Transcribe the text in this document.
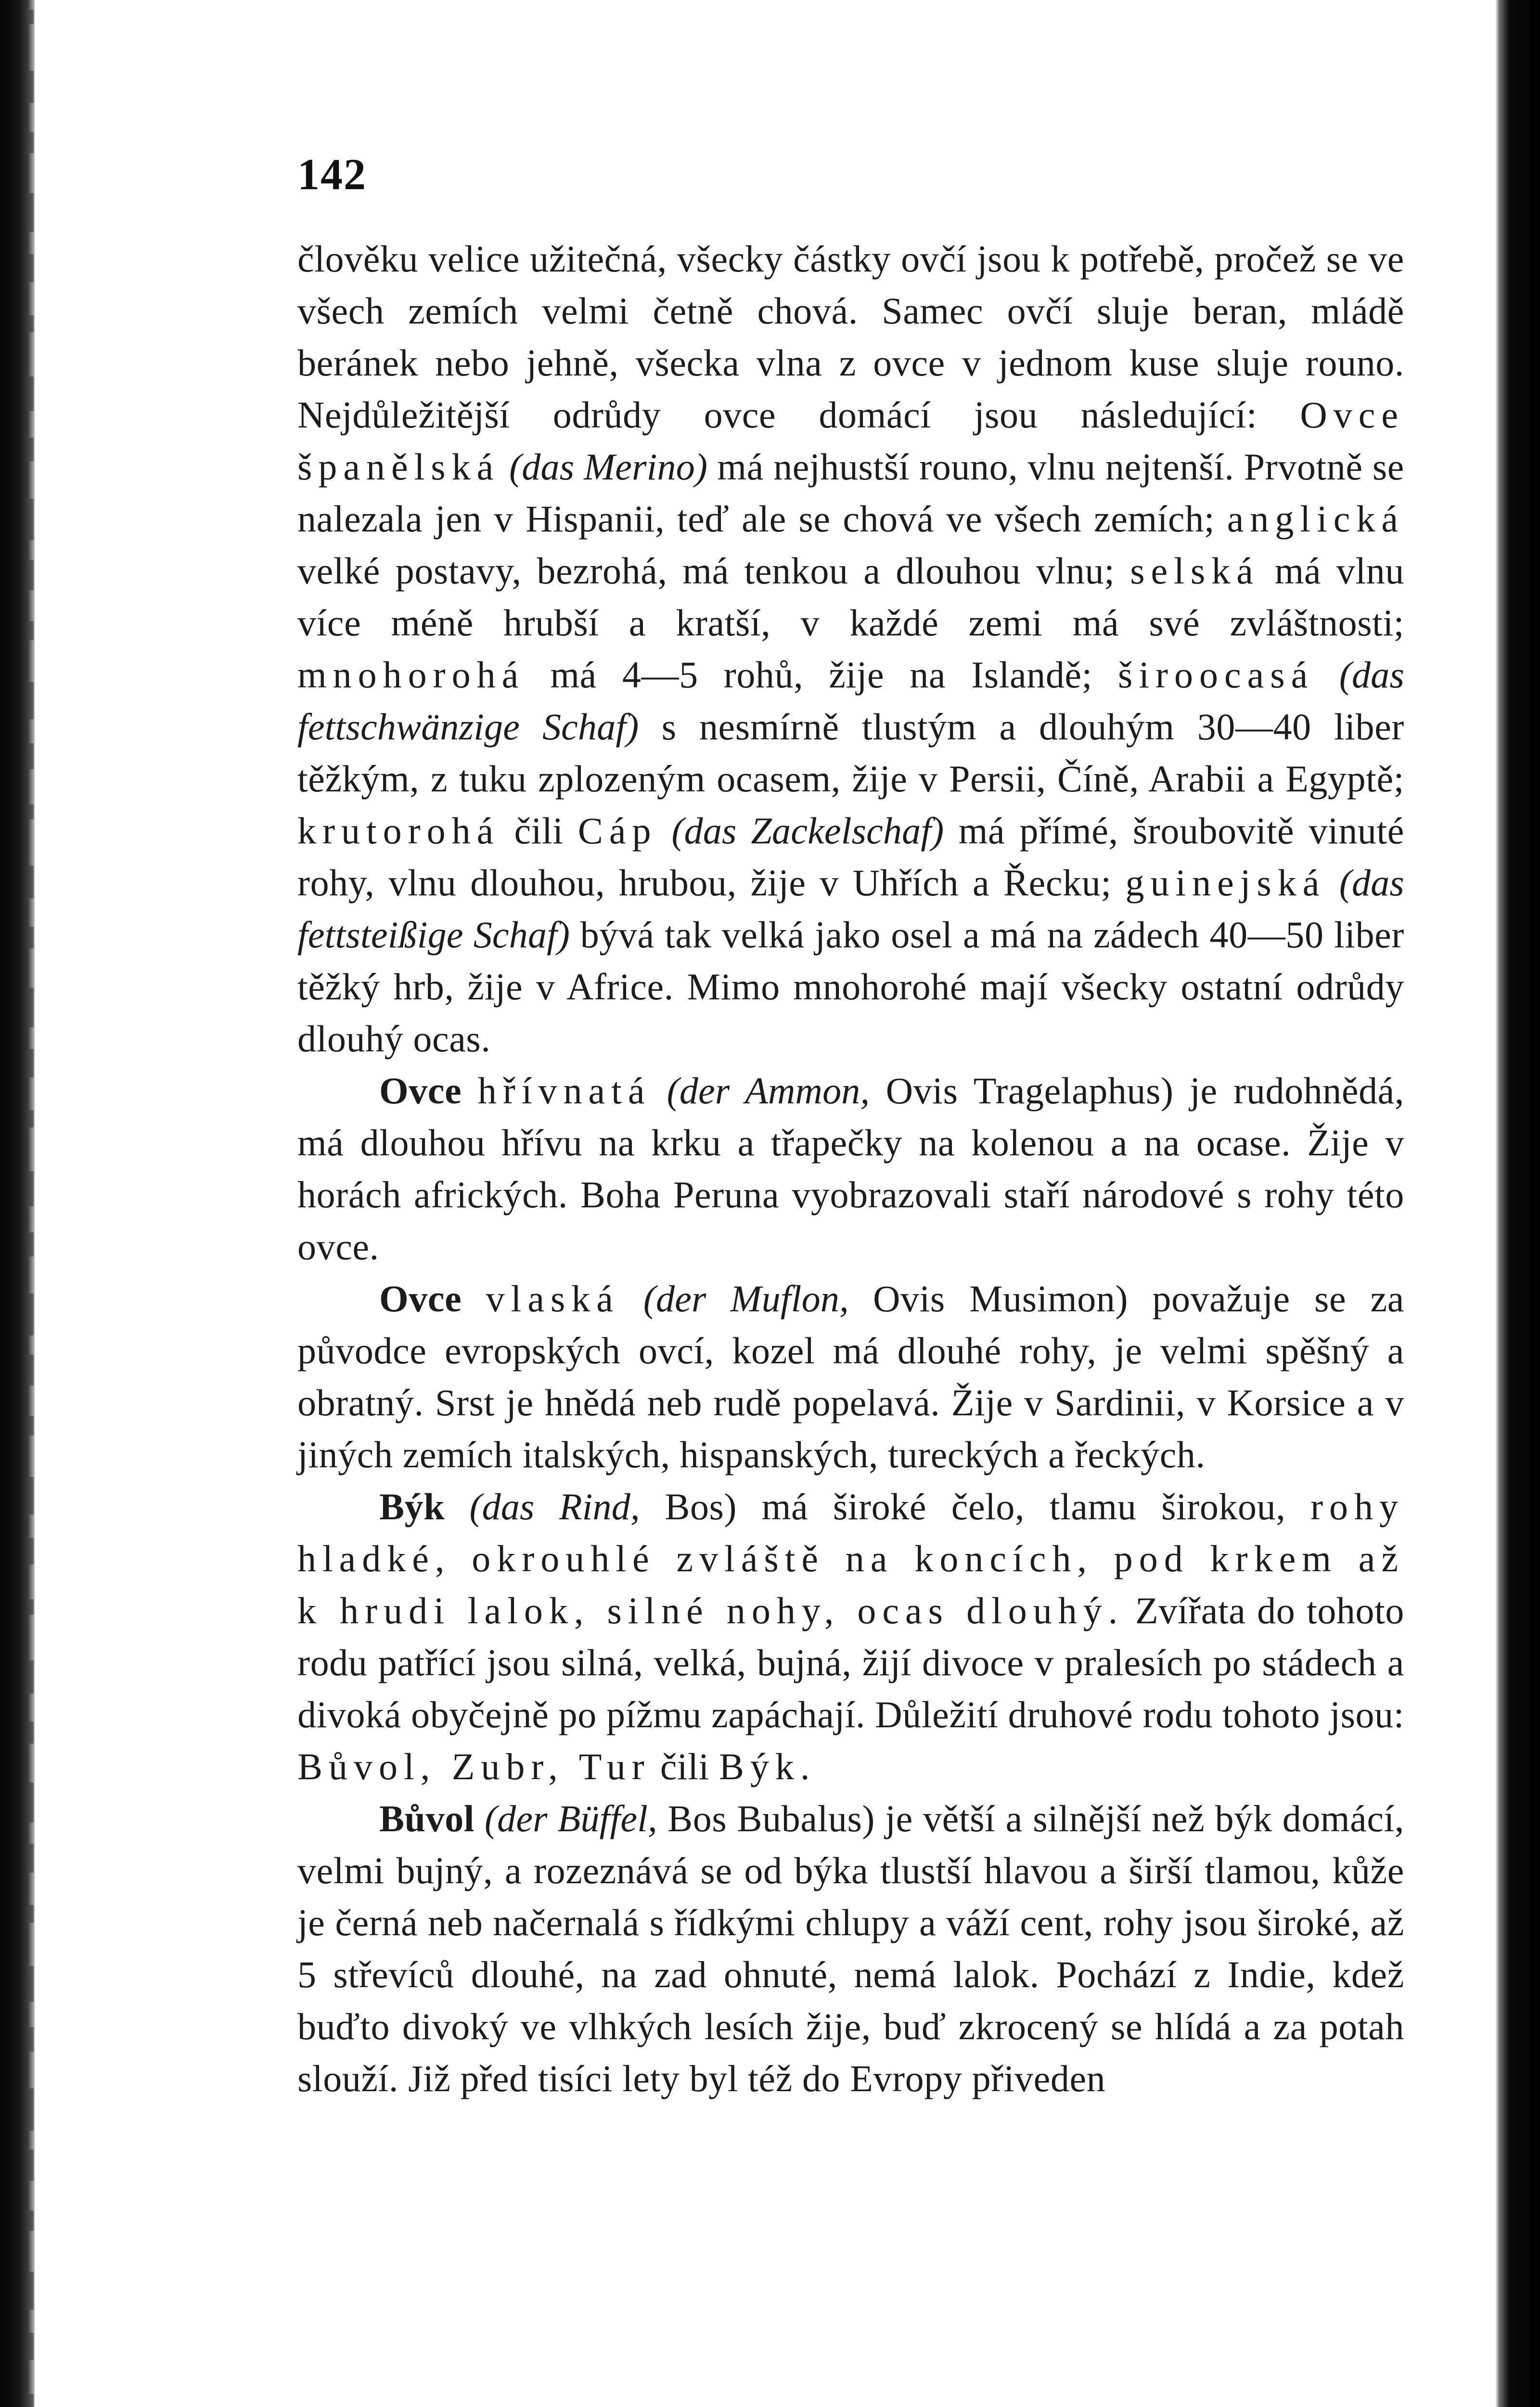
142
člověku velice užitečná, všecky částky ovčí jsou k potřebě, pročež se ve všech zemích velmi četně chová. Samec ovčí sluje beran, mládě beránek nebo jehně, všecka vlna z ovce v jednom kuse sluje rouno. Nejdůležitější odrůdy ovce domácí jsou následující: Ovce španělská (das Merino) má nejhustší rouno, vlnu nejtenší. Prvotně se nalezala jen v Hispanii, teď ale se chová ve všech zemích; anglická velké postavy, bezrohá, má tenkou a dlouhou vlnu; selská má vlnu více méně hrubší a kratší, v každé zemi má své zvláštnosti; mnohorohá má 4—5 rohů, žije na Islandě; široocasá (das fettschwänzige Schaf) s nesmírně tlustým a dlouhým 30—40 liber těžkým, z tuku zplozeným ocasem, žije v Persii, Číně, Arabii a Egyptě; krutorohá čili Cáp (das Zackelschaf) má přímé, šroubovitě vinuté rohy, vlnu dlouhou, hrubou, žije v Uhřích a Řecku; guinejská (das fettsteißige Schaf) bývá tak velká jako osel a má na zádech 40—50 liber těžký hrb, žije v Africe. Mimo mnohorohé mají všecky ostatní odrůdy dlouhý ocas.
Ovce hřívnatá (der Ammon, Ovis Tragelaphus) je rudohnědá, má dlouhou hřívu na krku a třapečky na kolenou a na ocase. Žije v horách afrických. Boha Peruna vyobrazovali staří národové s rohy této ovce.
Ovce vlaská (der Muflon, Ovis Musimon) považuje se za původce evropských ovcí, kozel má dlouhé rohy, je velmi spěšný a obratný. Srst je hnědá neb rudě popelavá. Žije v Sardinii, v Korsice a v jiných zemích italských, hispanských, tureckých a řeckých.
Býk (das Rind, Bos) má široké čelo, tlamu širokou, rohy hladké, okrouhlé zvláště na koncích, pod krkem až k hrudi lalok, silné nohy, ocas dlouhý. Zvířata do tohoto rodu patřící jsou silná, velká, bujná, žijí divoce v pralesích po stádech a divoká obyčejně po pížmu zapáchají. Důležití druhové rodu tohoto jsou: Bůvol, Zubr, Tur čili Býk.
Bůvol (der Büffel, Bos Bubalus) je větší a silnější než býk domácí, velmi bujný, a rozeznává se od býka tlustší hlavou a širší tlamou, kůže je černá neb načernalá s řídkými chlupy a váží cent, rohy jsou široké, až 5 střevíců dlouhé, na zad ohnuté, nemá lalok. Pochází z Indie, kdež buďto divoký ve vlhkých lesích žije, buď zkrocený se hlídá a za potah slouží. Již před tisíci lety byl též do Evropy přiveden
